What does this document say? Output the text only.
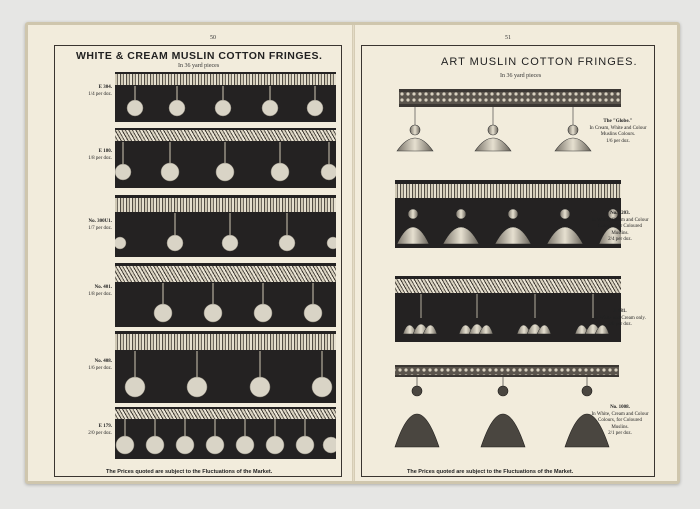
50
WHITE & CREAM MUSLIN COTTON FRINGES.
In 36 yard pieces
E 304.
1/4 per doz.
E 180.
1/8 per doz.
No. 300U1.
1/7 per doz.
No. 401.
1/8 per doz.
No. 408.
1/6 per doz.
E 179.
2/0 per doz.
The Prices quoted are subject to the Fluctuations of the Market.
51
ART MUSLIN COTTON FRINGES.
In 36 yard pieces
The "Globe."
In Cream, White and Colour Muslins Colours.
1/6 per doz.
No. 4203.
In White, Cream and Colour Colours, for Coloured Muslins.
2/4 per doz.
E 481.
In White and Cream only.
2/0 per doz.
No. 1008.
In White, Cream and Colour Colours, for Coloured Muslins.
2/1 per doz.
The Prices quoted are subject to the Fluctuations of the Market.
